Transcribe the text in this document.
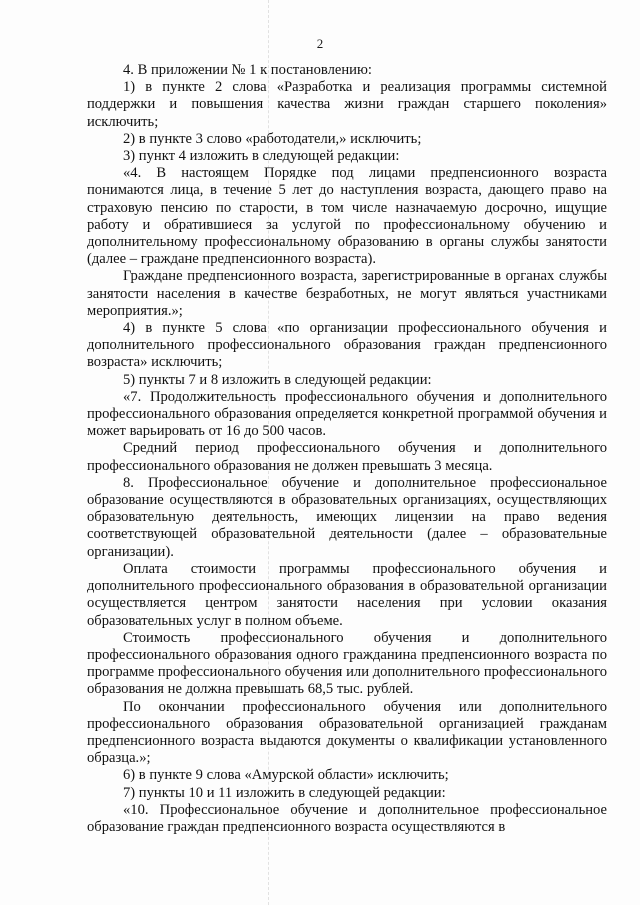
2

4. В приложении № 1 к постановлению:

1) в пункте 2 слова «Разработка и реализация программы системной поддержки и повышения качества жизни граждан старшего поколения» исключить;

2) в пункте 3 слово «работодатели,» исключить;

3) пункт 4 изложить в следующей редакции:

«4. В настоящем Порядке под лицами предпенсионного возраста понимаются лица, в течение 5 лет до наступления возраста, дающего право на страховую пенсию по старости, в том числе назначаемую досрочно, ищущие работу и обратившиеся за услугой по профессиональному обучению и дополнительному профессиональному образованию в органы службы занятости (далее – граждане предпенсионного возраста).

Граждане предпенсионного возраста, зарегистрированные в органах службы занятости населения в качестве безработных, не могут являться участниками мероприятия.»;

4) в пункте 5 слова «по организации профессионального обучения и дополнительного профессионального образования граждан предпенсионного возраста» исключить;

5) пункты 7 и 8 изложить в следующей редакции:

«7. Продолжительность профессионального обучения и дополнительного профессионального образования определяется конкретной программой обучения и может варьировать от 16 до 500 часов.

Средний период профессионального обучения и дополнительного профессионального образования не должен превышать 3 месяца.

8. Профессиональное обучение и дополнительное профессиональное образование осуществляются в образовательных организациях, осуществляющих образовательную деятельность, имеющих лицензии на право ведения соответствующей образовательной деятельности (далее – образовательные организации).

Оплата стоимости программы профессионального обучения и дополнительного профессионального образования в образовательной организации осуществляется центром занятости населения при условии оказания образовательных услуг в полном объеме.

Стоимость профессионального обучения и дополнительного профессионального образования одного гражданина предпенсионного возраста по программе профессионального обучения или дополнительного профессионального образования не должна превышать 68,5 тыс. рублей.

По окончании профессионального обучения или дополнительного профессионального образования образовательной организацией гражданам предпенсионного возраста выдаются документы о квалификации установленного образца.»;

6) в пункте 9 слова «Амурской области» исключить;

7) пункты 10 и 11 изложить в следующей редакции:

«10. Профессиональное обучение и дополнительное профессиональное образование граждан предпенсионного возраста осуществляются в
